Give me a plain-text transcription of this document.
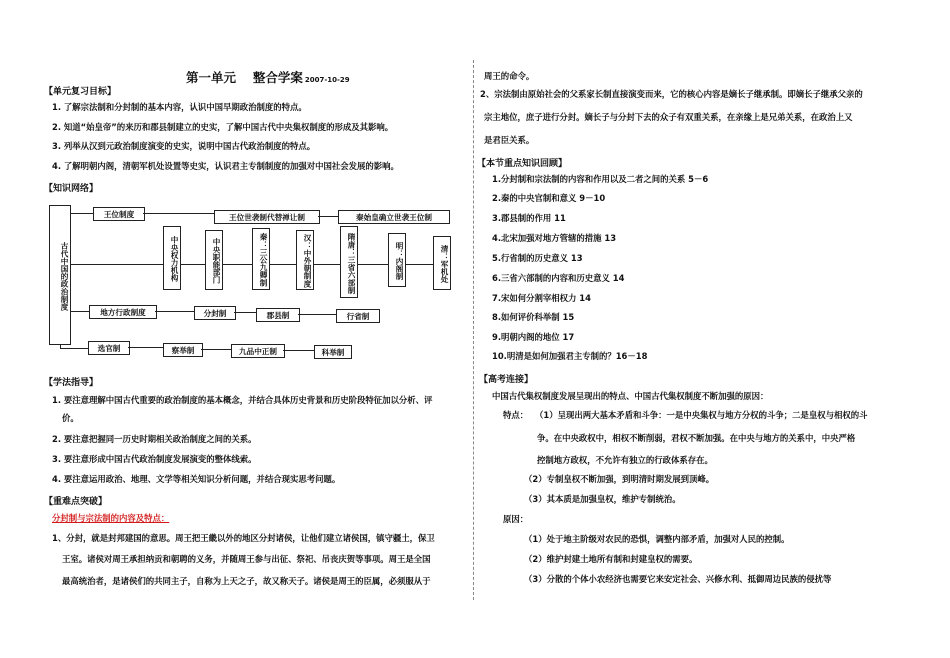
第一单元　 整合学案 2007-10-29
【单元复习目标】
1. 了解宗法制和分封制的基本内容，认识中国早期政治制度的特点。
2. 知道“始皇帝”的来历和郡县制建立的史实，了解中国古代中央集权制度的形成及其影响。
3. 列举从汉到元政治制度演变的史实，说明中国古代政治制度的特点。
4. 了解明朝内阁，清朝军机处设置等史实，认识君主专制制度的加强对中国社会发展的影响。
【知识网络】
古代中国的政治制度
王位制度	王位世袭制代替禅让制	秦始皇确立世袭王位制
中央权力机构	中央职能部门	秦：三公九卿制	汉：中外朝制度	隋唐：三省六部制	明：内阁制	清：军机处
地方行政制度	分封制	郡县制	行省制
选官制	察举制	九品中正制	科举制
【学法指导】
1. 要注意理解中国古代重要的政治制度的基本概念，并结合具体历史背景和历史阶段特征加以分析、评
价。
2. 要注意把握同一历史时期相关政治制度之间的关系。
3. 要注意形成中国古代政治制度发展演变的整体线索。
4. 要注意运用政治、地理、文学等相关知识分析问题，并结合现实思考问题。
【重难点突破】
分封制与宗法制的内容及特点：
1、分封，就是封邦建国的意思。周王把王畿以外的地区分封诸侯，让他们建立诸侯国，镇守疆土，保卫
王室。诸侯对周王承担纳贡和朝聘的义务，并随周王参与出征、祭祀、吊丧庆贺等事项。周王是全国
最高统治者，是诸侯们的共同主子，自称为上天之子，故又称天子。诸侯是周王的臣属，必须服从于
周王的命令。
2、宗法制由原始社会的父系家长制直接演变而来，它的核心内容是嫡长子继承制。即嫡长子继承父亲的
宗主地位，庶子进行分封。嫡长子与分封下去的众子有双重关系，在亲缘上是兄弟关系，在政治上又
是君臣关系。
【本节重点知识回顾】
1.分封制和宗法制的内容和作用以及二者之间的关系 5－6
2.秦的中央官制和意义 9－10
3.郡县制的作用 11
4.北宋加强对地方管辖的措施 13
5.行省制的历史意义 13
6.三省六部制的内容和历史意义 14
7.宋如何分割宰相权力 14
8.如何评价科举制 15
9.明朝内阁的地位 17
10.明清是如何加强君主专制的？16－18
【高考连接】
中国古代集权制度发展呈现出的特点、中国古代集权制度不断加强的原因：
特点： （1）呈现出两大基本矛盾和斗争：一是中央集权与地方分权的斗争；二是皇权与相权的斗
争。在中央政权中，相权不断削弱，君权不断加强。在中央与地方的关系中，中央严格
控制地方政权，不允许有独立的行政体系存在。
（2）专制皇权不断加强，到明清时期发展到顶峰。
（3）其本质是加强皇权，维护专制统治。
原因：
（1）处于地主阶级对农民的恐惧，调整内部矛盾，加强对人民的控制。
（2）维护封建土地所有制和封建皇权的需要。
（3）分散的个体小农经济也需要它来安定社会、兴修水利、抵御周边民族的侵扰等
